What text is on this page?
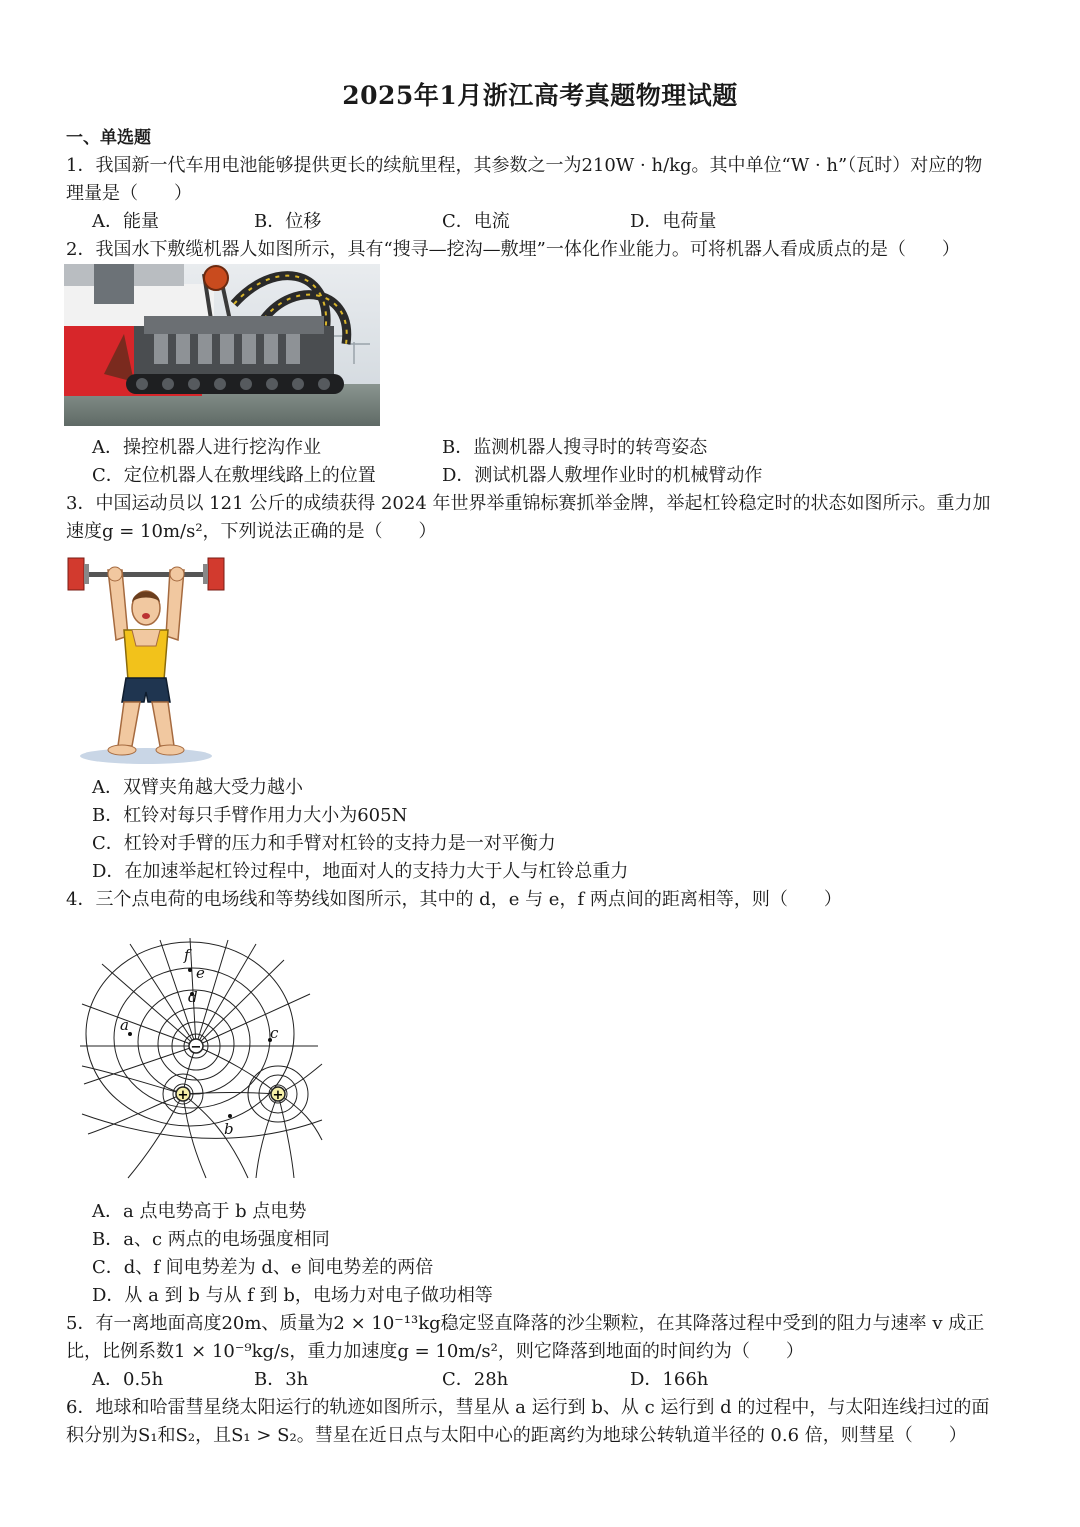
2025年1月浙江高考真题物理试题
一、单选题
1．我国新一代车用电池能够提供更长的续航里程，其参数之一为210W · h/kg。其中单位“W · h”（瓦时）对应的物
理量是（　　）
A．能量	B．位移	C．电流	D．电荷量
2．我国水下敷缆机器人如图所示，具有“搜寻—挖沟—敷埋”一体化作业能力。可将机器人看成质点的是（　　）
A．操控机器人进行挖沟作业	B．监测机器人搜寻时的转弯姿态
C．定位机器人在敷埋线路上的位置	D．测试机器人敷埋作业时的机械臂动作
3．中国运动员以 121 公斤的成绩获得 2024 年世界举重锦标赛抓举金牌，举起杠铃稳定时的状态如图所示。重力加
速度g = 10m/s²，下列说法正确的是（　　）
A．双臂夹角越大受力越小
B．杠铃对每只手臂作用力大小为605N
C．杠铃对手臂的压力和手臂对杠铃的支持力是一对平衡力
D．在加速举起杠铃过程中，地面对人的支持力大于人与杠铃总重力
4．三个点电荷的电场线和等势线如图所示，其中的 d，e 与 e，f 两点间的距离相等，则（　　）
−
+	+
f
e
d
a	c
b
A．a 点电势高于 b 点电势
B．a、c 两点的电场强度相同
C．d、f 间电势差为 d、e 间电势差的两倍
D．从 a 到 b 与从 f 到 b，电场力对电子做功相等
5．有一离地面高度20m、质量为2 × 10⁻¹³kg稳定竖直降落的沙尘颗粒，在其降落过程中受到的阻力与速率 v 成正
比，比例系数1 × 10⁻⁹kg/s，重力加速度g = 10m/s²，则它降落到地面的时间约为（　　）
A．0.5h	B．3h	C．28h	D．166h
6．地球和哈雷彗星绕太阳运行的轨迹如图所示，彗星从 a 运行到 b、从 c 运行到 d 的过程中，与太阳连线扫过的面
积分别为S₁和S₂，且S₁ > S₂。彗星在近日点与太阳中心的距离约为地球公转轨道半径的 0.6 倍，则彗星（　　）
